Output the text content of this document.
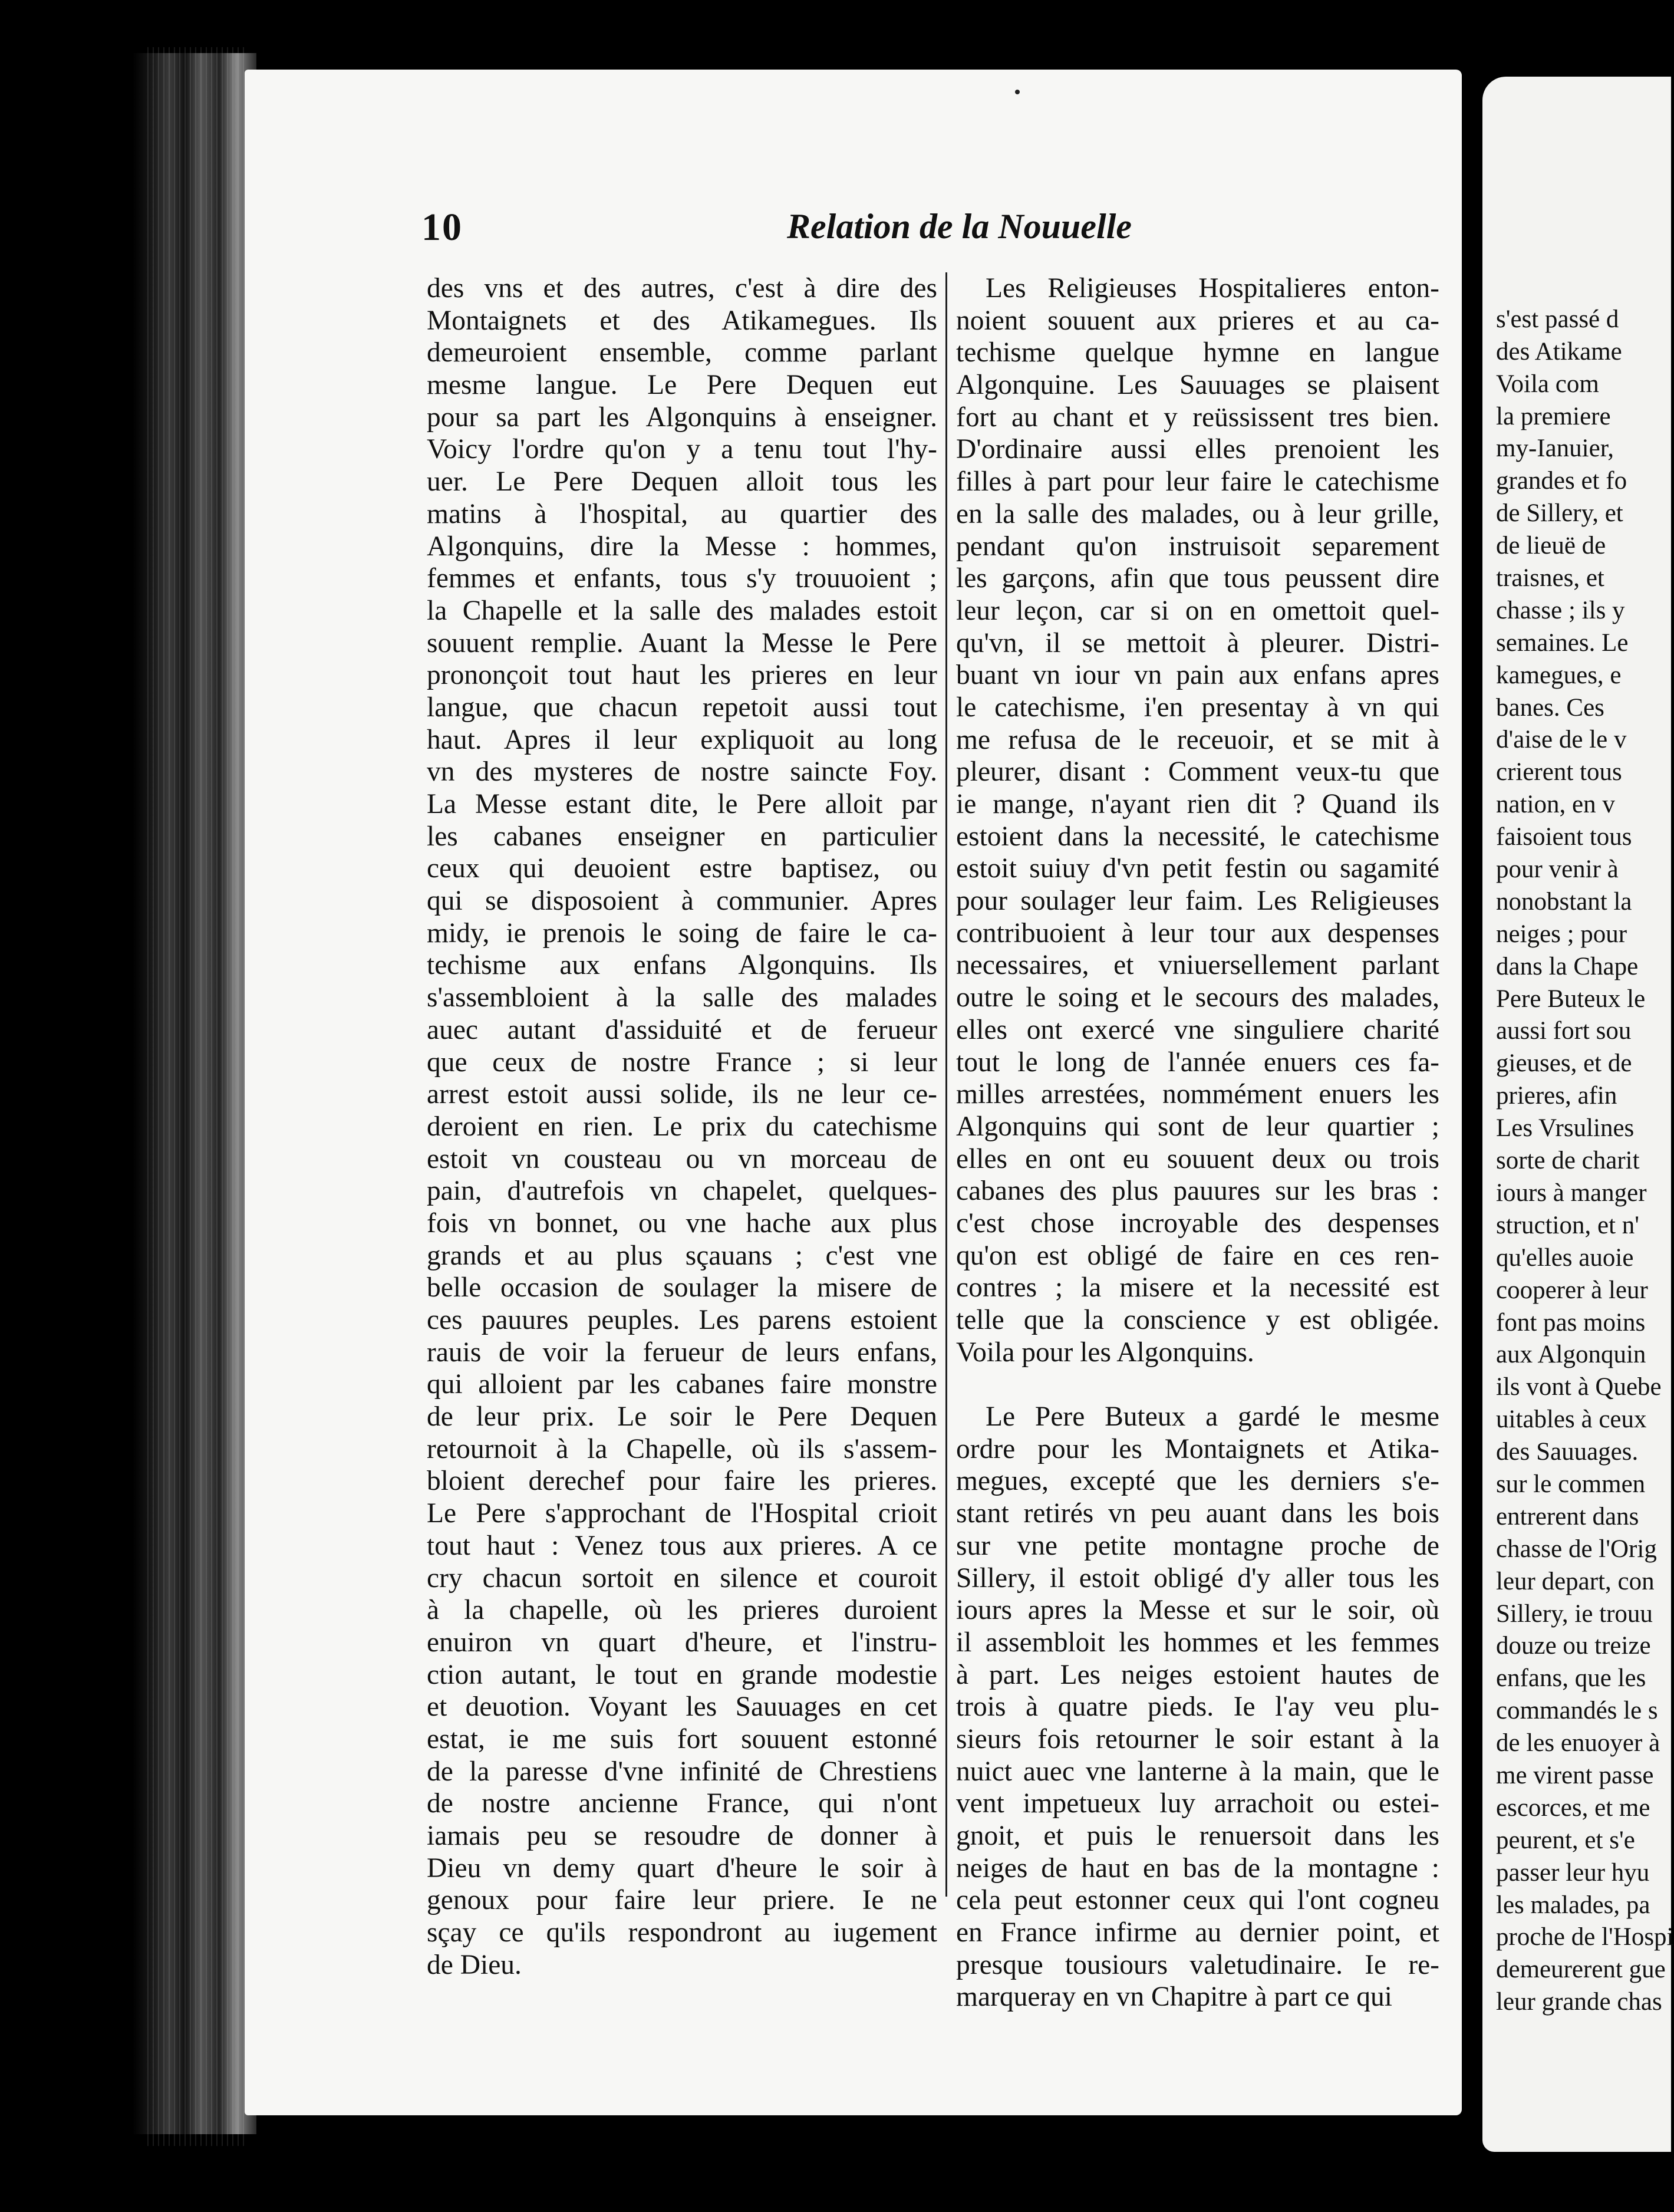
10	Relation de la Nouuelle
des vns et des autres, c'est à dire des
Montaignets et des Atikamegues. Ils
demeuroient ensemble, comme parlant
mesme langue. Le Pere Dequen eut
pour sa part les Algonquins à enseigner.
Voicy l'ordre qu'on y a tenu tout l'hy-
uer. Le Pere Dequen alloit tous les
matins à l'hospital, au quartier des
Algonquins, dire la Messe : hommes,
femmes et enfants, tous s'y trouuoient ;
la Chapelle et la salle des malades estoit
souuent remplie. Auant la Messe le Pere
prononçoit tout haut les prieres en leur
langue, que chacun repetoit aussi tout
haut. Apres il leur expliquoit au long
vn des mysteres de nostre saincte Foy.
La Messe estant dite, le Pere alloit par
les cabanes enseigner en particulier
ceux qui deuoient estre baptisez, ou
qui se disposoient à communier. Apres
midy, ie prenois le soing de faire le ca-
techisme aux enfans Algonquins. Ils
s'assembloient à la salle des malades
auec autant d'assiduité et de ferueur
que ceux de nostre France ; si leur
arrest estoit aussi solide, ils ne leur ce-
deroient en rien. Le prix du catechisme
estoit vn cousteau ou vn morceau de
pain, d'autrefois vn chapelet, quelques-
fois vn bonnet, ou vne hache aux plus
grands et au plus sçauans ; c'est vne
belle occasion de soulager la misere de
ces pauures peuples. Les parens estoient
rauis de voir la ferueur de leurs enfans,
qui alloient par les cabanes faire monstre
de leur prix. Le soir le Pere Dequen
retournoit à la Chapelle, où ils s'assem-
bloient derechef pour faire les prieres.
Le Pere s'approchant de l'Hospital crioit
tout haut : Venez tous aux prieres. A ce
cry chacun sortoit en silence et couroit
à la chapelle, où les prieres duroient
enuiron vn quart d'heure, et l'instru-
ction autant, le tout en grande modestie
et deuotion. Voyant les Sauuages en cet
estat, ie me suis fort souuent estonné
de la paresse d'vne infinité de Chrestiens
de nostre ancienne France, qui n'ont
iamais peu se resoudre de donner à
Dieu vn demy quart d'heure le soir à
genoux pour faire leur priere. Ie ne
sçay ce qu'ils respondront au iugement
de Dieu.
Les Religieuses Hospitalieres enton-
noient souuent aux prieres et au ca-
techisme quelque hymne en langue
Algonquine. Les Sauuages se plaisent
fort au chant et y reüssissent tres bien.
D'ordinaire aussi elles prenoient les
filles à part pour leur faire le catechisme
en la salle des malades, ou à leur grille,
pendant qu'on instruisoit separement
les garçons, afin que tous peussent dire
leur leçon, car si on en omettoit quel-
qu'vn, il se mettoit à pleurer. Distri-
buant vn iour vn pain aux enfans apres
le catechisme, i'en presentay à vn qui
me refusa de le receuoir, et se mit à
pleurer, disant : Comment veux-tu que
ie mange, n'ayant rien dit ? Quand ils
estoient dans la necessité, le catechisme
estoit suiuy d'vn petit festin ou sagamité
pour soulager leur faim. Les Religieuses
contribuoient à leur tour aux despenses
necessaires, et vniuersellement parlant
outre le soing et le secours des malades,
elles ont exercé vne singuliere charité
tout le long de l'année enuers ces fa-
milles arrestées, nommément enuers les
Algonquins qui sont de leur quartier ;
elles en ont eu souuent deux ou trois
cabanes des plus pauures sur les bras :
c'est chose incroyable des despenses
qu'on est obligé de faire en ces ren-
contres ; la misere et la necessité est
telle que la conscience y est obligée.
Voila pour les Algonquins.
Le Pere Buteux a gardé le mesme
ordre pour les Montaignets et Atika-
megues, excepté que les derniers s'e-
stant retirés vn peu auant dans les bois
sur vne petite montagne proche de
Sillery, il estoit obligé d'y aller tous les
iours apres la Messe et sur le soir, où
il assembloit les hommes et les femmes
à part. Les neiges estoient hautes de
trois à quatre pieds. Ie l'ay veu plu-
sieurs fois retourner le soir estant à la
nuict auec vne lanterne à la main, que le
vent impetueux luy arrachoit ou estei-
gnoit, et puis le renuersoit dans les
neiges de haut en bas de la montagne :
cela peut estonner ceux qui l'ont cogneu
en France infirme au dernier point, et
presque tousiours valetudinaire. Ie re-
marqueray en vn Chapitre à part ce qui
s'est passé d
des Atikame
Voila com
la premiere
my-Ianuier,
grandes et fo
de Sillery, et
de lieuë de
traisnes, et
chasse ; ils y
semaines. Le
kamegues, e
banes. Ces
d'aise de le v
crierent tous
nation, en v
faisoient tous
pour venir à
nonobstant la
neiges ; pour
dans la Chape
Pere Buteux le
aussi fort sou
gieuses, et de
prieres, afin
Les Vrsulines
sorte de charit
iours à manger
struction, et n'
qu'elles auoie
cooperer à leur
font pas moins
aux Algonquin
ils vont à Quebe
uitables à ceux
des Sauuages.
sur le commen
entrerent dans
chasse de l'Orig
leur depart, con
Sillery, ie trouu
douze ou treize
enfans, que les
commandés le s
de les enuoyer à
me virent passe
escorces, et me
peurent, et s'e
passer leur hyu
les malades, pa
proche de l'Hospi
demeurerent gue
leur grande chas
